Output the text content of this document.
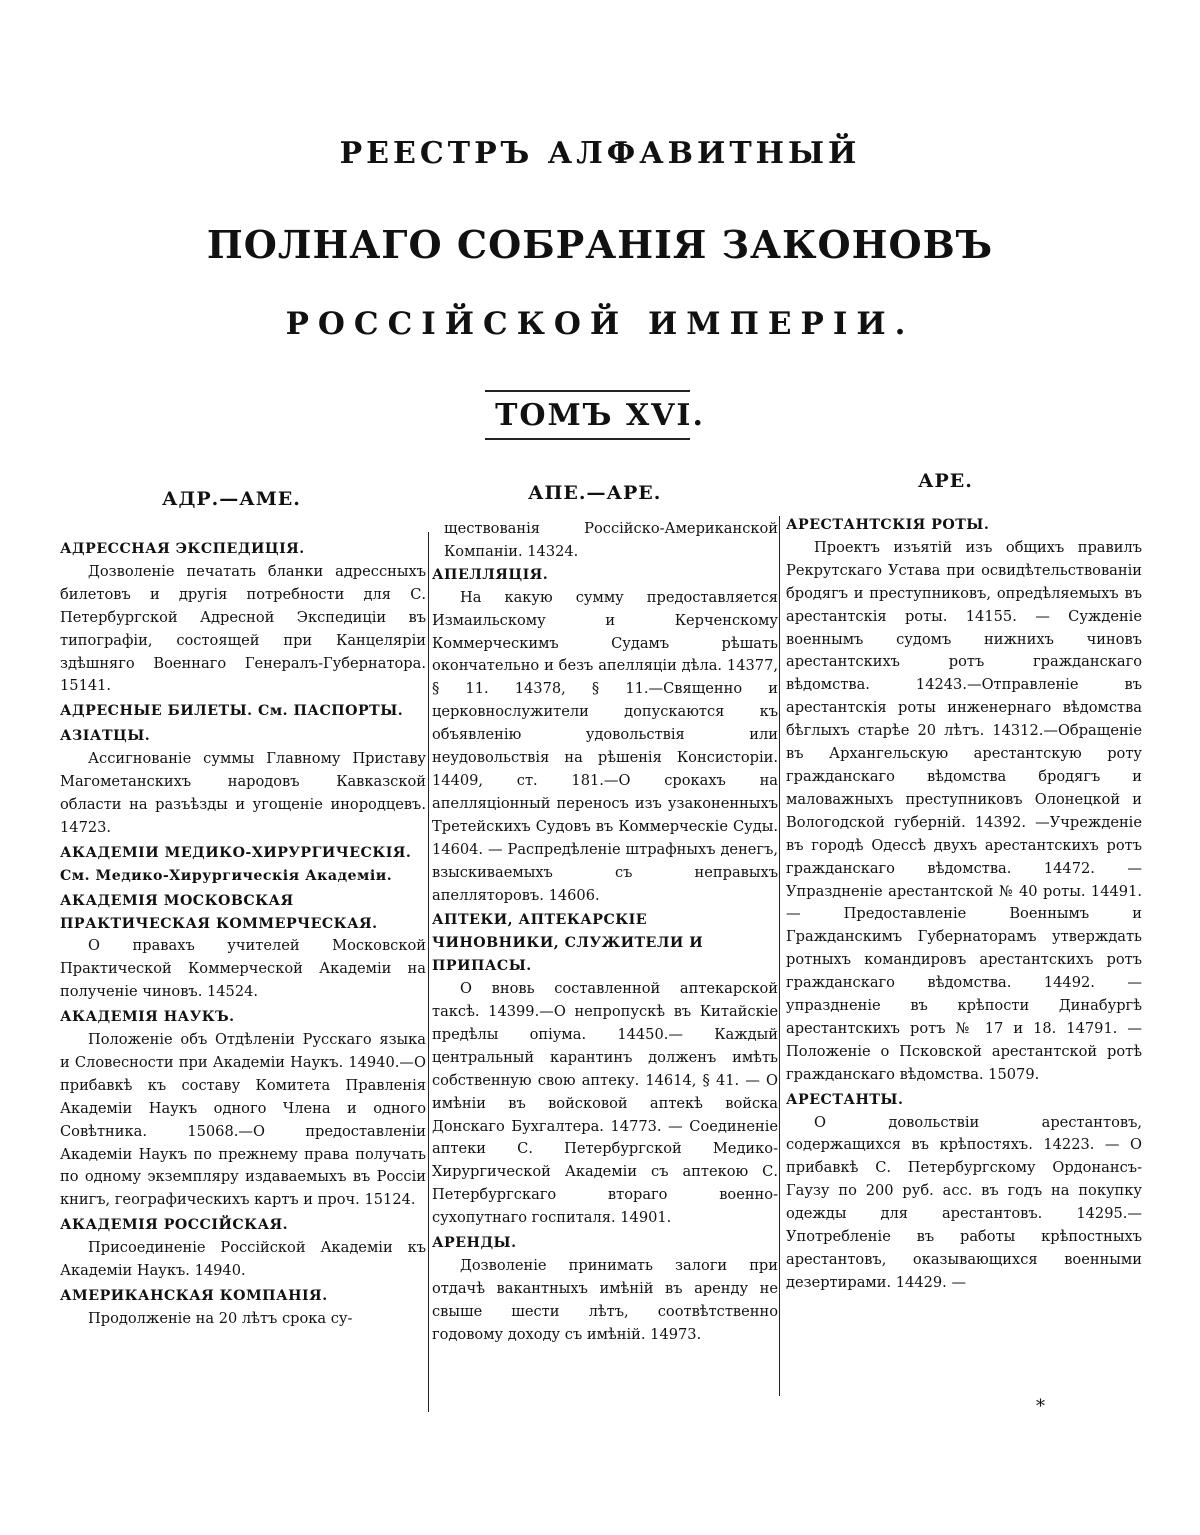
РЕЕСТРЪ АЛФАВИТНЫЙ
ПОЛНАГО СОБРАНІЯ ЗАКОНОВЪ
РОССІЙСКОЙ ИМПЕРІИ.
ТОМЪ XVI.
АДР.—АМЕ.	АПЕ.—АРЕ.
АРЕ.

АДРЕССНАЯ ЭКСПЕДИЦІЯ.

Дозволеніе печатать бланки адресcныхъ билетовъ и другія потребности для С. Петербургской Адресной Экспедиціи въ типографіи, состоящей при Канцеляріи здѣшняго Военнаго Генералъ-Губернатора. 15141.

АДРЕСНЫЕ БИЛЕТЫ. См. ПАСПОРТЫ.

АЗІАТЦЫ.

Ассигнованіе суммы Главному Приставу Магометанскихъ народовъ Кавказской области на разъѣзды и угощеніе инородцевъ. 14723.

АКАДЕМІИ МЕДИКО-ХИРУРГИЧЕСКІЯ. См. Медико-Хирургическія Академіи.

АКАДЕМІЯ МОСКОВСКАЯ ПРАКТИЧЕСКАЯ КОММЕРЧЕСКАЯ.

О правахъ учителей Московской Практической Коммерческой Академіи на полученіе чиновъ. 14524.

АКАДЕМІЯ НАУКЪ.

Положеніе объ Отдѣленіи Русскаго языка и Словесности при Академіи Наукъ. 14940.—О прибавкѣ къ составу Комитета Правленія Академіи Наукъ одного Члена и одного Совѣтника. 15068.—О предоставленіи Академіи Наукъ по прежнему права получать по одному экземпляру издаваемыхъ въ Россіи книгъ, географическихъ картъ и проч. 15124.

АКАДЕМІЯ РОССІЙСКАЯ.

Присоединеніе Россійской Академіи къ Академіи Наукъ. 14940.

АМЕРИКАНСКАЯ КОМПАНІЯ.

Продолженіе на 20 лѣтъ срока су-

ществованія Россійско-Американской Компаніи. 14324.

АПЕЛЛЯЦІЯ.

На какую сумму предоставляется Измаильскому и Керченскому Коммерческимъ Судамъ рѣшать окончательно и безъ апелляціи дѣла. 14377, § 11. 14378, § 11.—Священно и церковнослужители допускаются къ объявленію удовольствія или неудовольствія на рѣшенія Консисторіи. 14409, ст. 181.—О срокахъ на апелляціонный переносъ изъ узаконенныхъ Третейскихъ Судовъ въ Коммерческіе Суды. 14604. — Распредѣленіе штрафныхъ денегъ, взыскиваемыхъ съ неправыхъ апелляторовъ. 14606.

АПТЕКИ, АПТЕКАРСКІЕ ЧИНОВНИКИ, СЛУЖИТЕЛИ И ПРИПАСЫ.

О вновь составленной аптекарской таксѣ. 14399.—О непропускѣ въ Китайскіе предѣлы опіума. 14450.— Каждый центральный карантинъ долженъ имѣть собственную свою аптеку. 14614, § 41. — О имѣніи въ войсковой аптекѣ войска Донскаго Бухгалтера. 14773. — Соединеніе аптеки С. Петербургской Медико-Хирургической Академіи съ аптекою С. Петербургскаго втораго военно-сухопутнаго госпиталя. 14901.

АРЕНДЫ.

Дозволеніе принимать залоги при отдачѣ вакантныхъ имѣній въ аренду не свыше шести лѣтъ, соотвѣтственно годовому доходу съ имѣній. 14973.

АРЕСТАНТСКІЯ РОТЫ.

Проектъ изъятій изъ общихъ правилъ Рекрутскаго Устава при освидѣтельствованіи бродягъ и преступниковъ, опредѣляемыхъ въ арестантскія роты. 14155. — Сужденіе военнымъ судомъ нижнихъ чиновъ арестантскихъ ротъ гражданскаго вѣдомства. 14243.—Отправленіе въ арестантскія роты инженернаго вѣдомства бѣглыхъ старѣе 20 лѣтъ. 14312.—Обращеніе въ Архангельскую арестантскую роту гражданскаго вѣдомства бродягъ и маловажныхъ преступниковъ Олонецкой и Вологодской губерній. 14392. —Учрежденіе въ городѣ Одессѣ двухъ арестантскихъ ротъ гражданскаго вѣдомства. 14472. — Упраздненіе арестантской № 40 роты. 14491. — Предоставленіе Военнымъ и Гражданскимъ Губернаторамъ утверждать ротныхъ командировъ арестантскихъ ротъ гражданскаго вѣдомства. 14492. — упраздненіе въ крѣпости Динабургѣ арестантскихъ ротъ № 17 и 18. 14791. —Положеніе о Псковской арестантской ротѣ гражданскаго вѣдомства. 15079.

АРЕСТАНТЫ.

О довольствіи арестантовъ, содержащихся въ крѣпостяхъ. 14223. — О прибавкѣ С. Петербургскому Ордонансъ-Гаузу по 200 руб. асс. въ годъ на покупку одежды для арестантовъ. 14295.—Употребленіе въ работы крѣпостныхъ арестантовъ, оказывающихся военными дезертирами. 14429. —

*
